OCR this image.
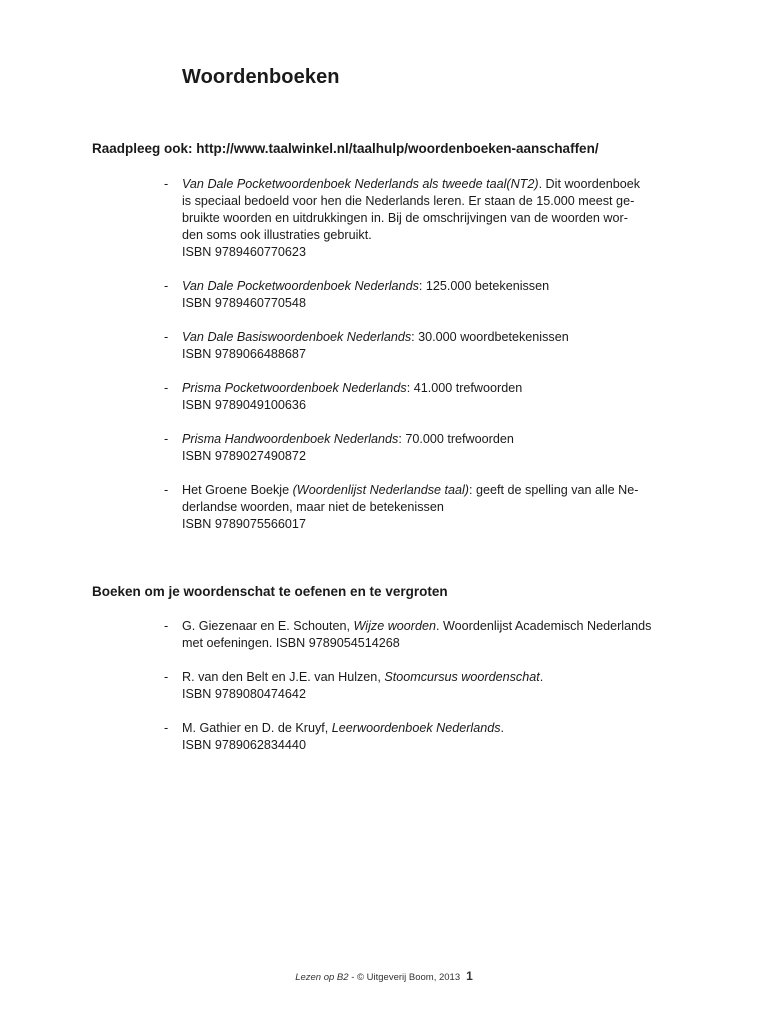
Woordenboeken
Raadpleeg ook: http://www.taalwinkel.nl/taalhulp/woordenboeken-aanschaffen/
- Van Dale Pocketwoordenboek Nederlands als tweede taal(NT2). Dit woordenboek
is speciaal bedoeld voor hen die Nederlands leren. Er staan de 15.000 meest ge-
bruikte woorden en uitdrukkingen in. Bij de omschrijvingen van de woorden wor-
den soms ook illustraties gebruikt.
ISBN 9789460770623
- Van Dale Pocketwoordenboek Nederlands: 125.000 betekenissen
ISBN 9789460770548
- Van Dale Basiswoordenboek Nederlands: 30.000 woordbetekenissen
ISBN 9789066488687
- Prisma Pocketwoordenboek Nederlands: 41.000 trefwoorden
ISBN 9789049100636
- Prisma Handwoordenboek Nederlands: 70.000 trefwoorden
ISBN 9789027490872
- Het Groene Boekje (Woordenlijst Nederlandse taal): geeft de spelling van alle Ne-
derlandse woorden, maar niet de betekenissen
ISBN 9789075566017
Boeken om je woordenschat te oefenen en te vergroten
- G. Giezenaar en E. Schouten, Wijze woorden. Woordenlijst Academisch Nederlands
met oefeningen. ISBN 9789054514268
- R. van den Belt en J.E. van Hulzen, Stoomcursus woordenschat.
ISBN 9789080474642
- M. Gathier en D. de Kruyf, Leerwoordenboek Nederlands.
ISBN 9789062834440
Lezen op B2 - © Uitgeverij Boom, 2013 1
